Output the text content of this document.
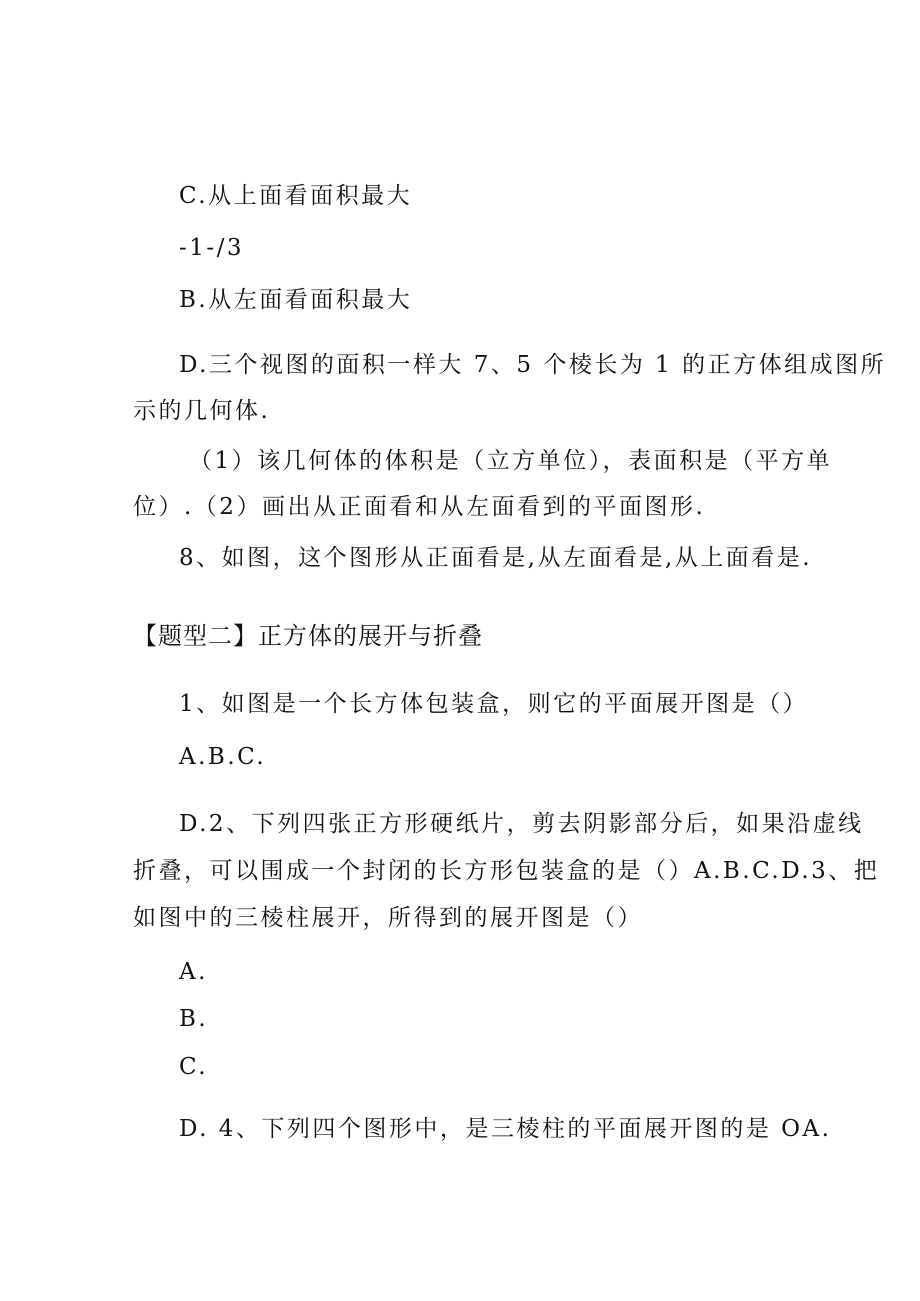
C.从上面看面积最大

-1-/3

B.从左面看面积最大

D.三个视图的面积一样大 7、5 个棱长为 1 的正方体组成图所

示的几何体.

（1）该几何体的体积是（立方单位），表面积是（平方单

位）.（2）画出从正面看和从左面看到的平面图形.

8、如图，这个图形从正面看是,从左面看是,从上面看是.

【题型二】正方体的展开与折叠

1、如图是一个长方体包装盒，则它的平面展开图是（）

A.B.C.

D.2、下列四张正方形硬纸片，剪去阴影部分后，如果沿虚线

折叠，可以围成一个封闭的长方形包装盒的是（）A.B.C.D.3、把

如图中的三棱柱展开，所得到的展开图是（）

A.

B.

C.

D. 4、下列四个图形中，是三棱柱的平面展开图的是 OA.
